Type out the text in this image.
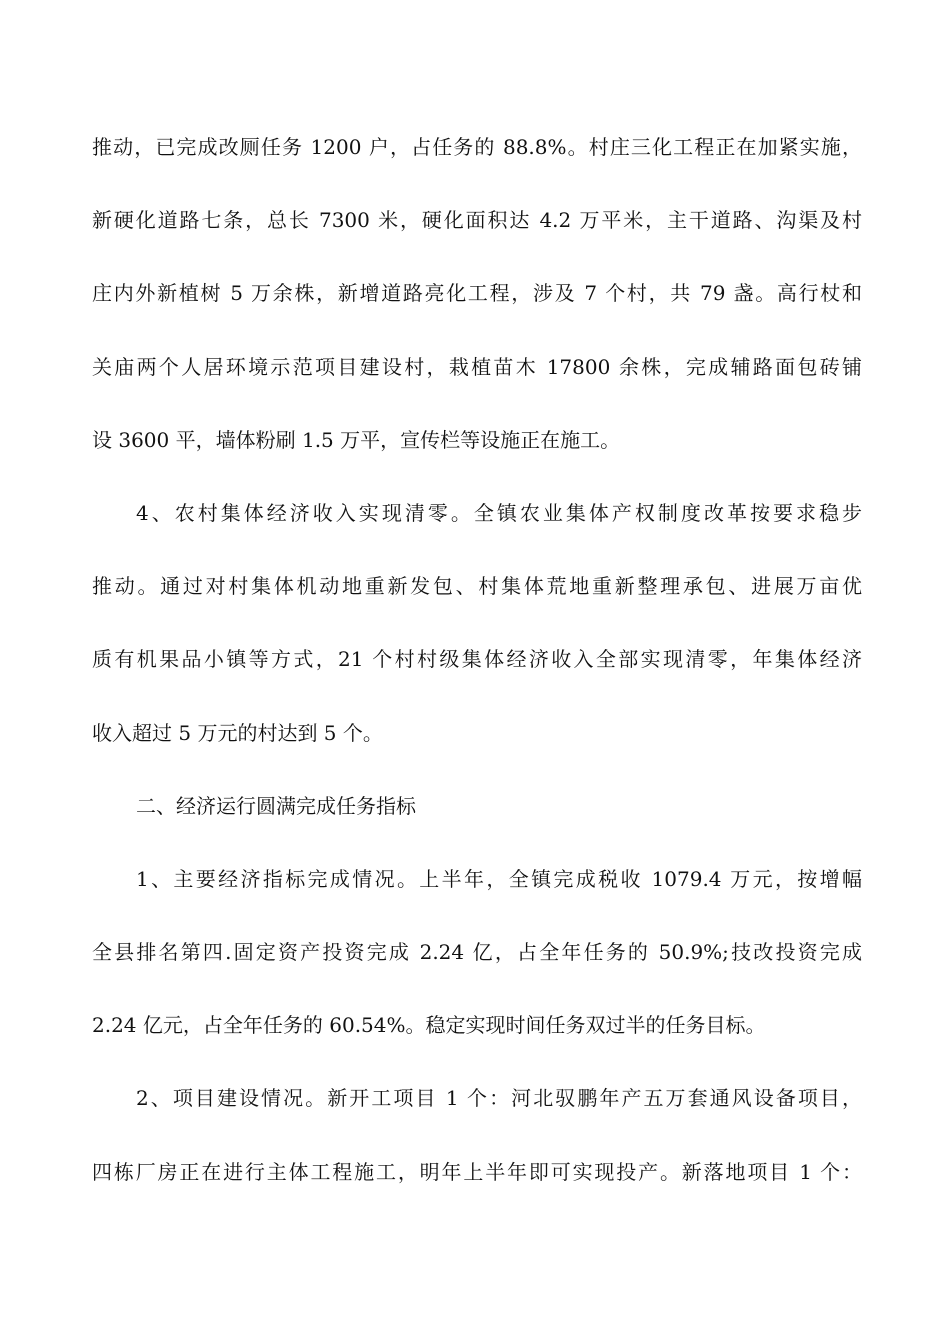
推动，已完成改厕任务 1200 户，占任务的 88.8%。村庄三化工程正在加紧实施，
新硬化道路七条，总长 7300 米，硬化面积达 4.2 万平米，主干道路、沟渠及村
庄内外新植树 5 万余株，新增道路亮化工程，涉及 7 个村，共 79 盏。高行杖和
关庙两个人居环境示范项目建设村，栽植苗木 17800 余株，完成辅路面包砖铺
设 3600 平，墙体粉刷 1.5 万平，宣传栏等设施正在施工。
4、农村集体经济收入实现清零。全镇农业集体产权制度改革按要求稳步
推动。通过对村集体机动地重新发包、村集体荒地重新整理承包、进展万亩优
质有机果品小镇等方式，21 个村村级集体经济收入全部实现清零，年集体经济
收入超过 5 万元的村达到 5 个。
二、经济运行圆满完成任务指标
1、主要经济指标完成情况。上半年，全镇完成税收 1079.4 万元，按增幅
全县排名第四.固定资产投资完成 2.24 亿，占全年任务的 50.9%;技改投资完成
2.24 亿元，占全年任务的 60.54%。稳定实现时间任务双过半的任务目标。
2、项目建设情况。新开工项目 1 个：河北驭鹏年产五万套通风设备项目，
四栋厂房正在进行主体工程施工，明年上半年即可实现投产。新落地项目 1 个：
